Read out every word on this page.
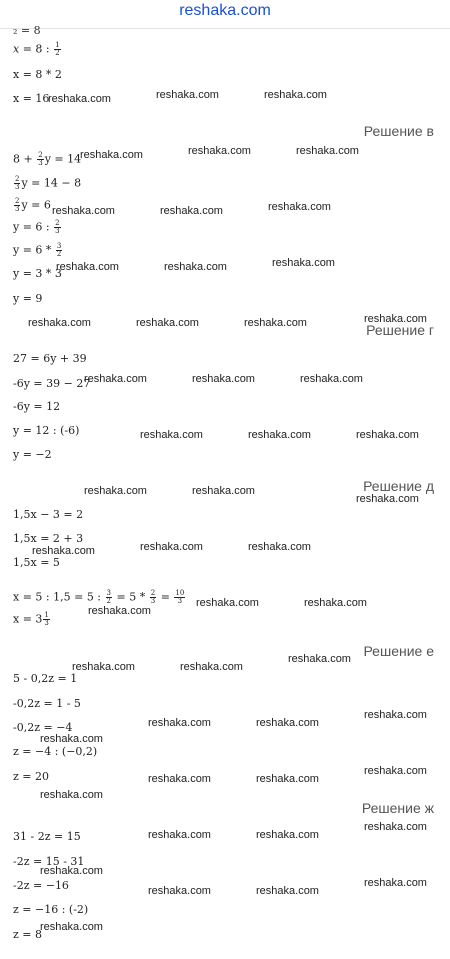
reshaka.com
₂ = 8
x = 8 : $\frac{1}{2}$
x = 8 * 2
x = 16
Решение в
$8 + \frac{2}{3}$ y = 14
$\frac{2}{3}$ y = 14 − 8
$\frac{2}{3}$ y = 6
y = 6 : $\frac{2}{3}$
$y = 6 * \frac{3}{2}$
y = 3 * 3
y = 9
Решение г
27 = 6y + 39
-6y = 39 − 27
-6y = 12
y = 12 : (-6)
y = −2
Решение д
1,5x − 3 = 2
1,5x = 2 + 3
1,5x = 5
x = 5 : 1,5 = 5 : $\frac{3}{2} = 5 * \frac{2}{3} = \frac{10}{3}$
$x = 3 \frac{1}{3}$
Решение е
5 - 0,2z = 1
-0,2z = 1 - 5
-0,2z = −4
z = −4 : (−0,2)
z = 20
Решение ж
31 - 2z = 15
-2z = 15 - 31
-2z = −16
z = −16 : (-2)
z = 8
reshaka.com	reshaka.com	reshaka.com
reshaka.com	reshaka.com	reshaka.com
reshaka.com	reshaka.com	reshaka.com
reshaka.com	reshaka.com	reshaka.com
reshaka.com
reshaka.com	reshaka.com	reshaka.com
reshaka.com	reshaka.com	reshaka.com
reshaka.com	reshaka.com	reshaka.com
reshaka.com	reshaka.com
reshaka.com
reshaka.com	reshaka.com	reshaka.com
reshaka.com
reshaka.com	reshaka.com
reshaka.com	reshaka.com
reshaka.com
reshaka.com	reshaka.com
reshaka.com
reshaka.com
reshaka.com	reshaka.com
reshaka.com
reshaka.com
reshaka.com
reshaka.com	reshaka.com
reshaka.com
reshaka.com	reshaka.com
reshaka.com
reshaka.com
